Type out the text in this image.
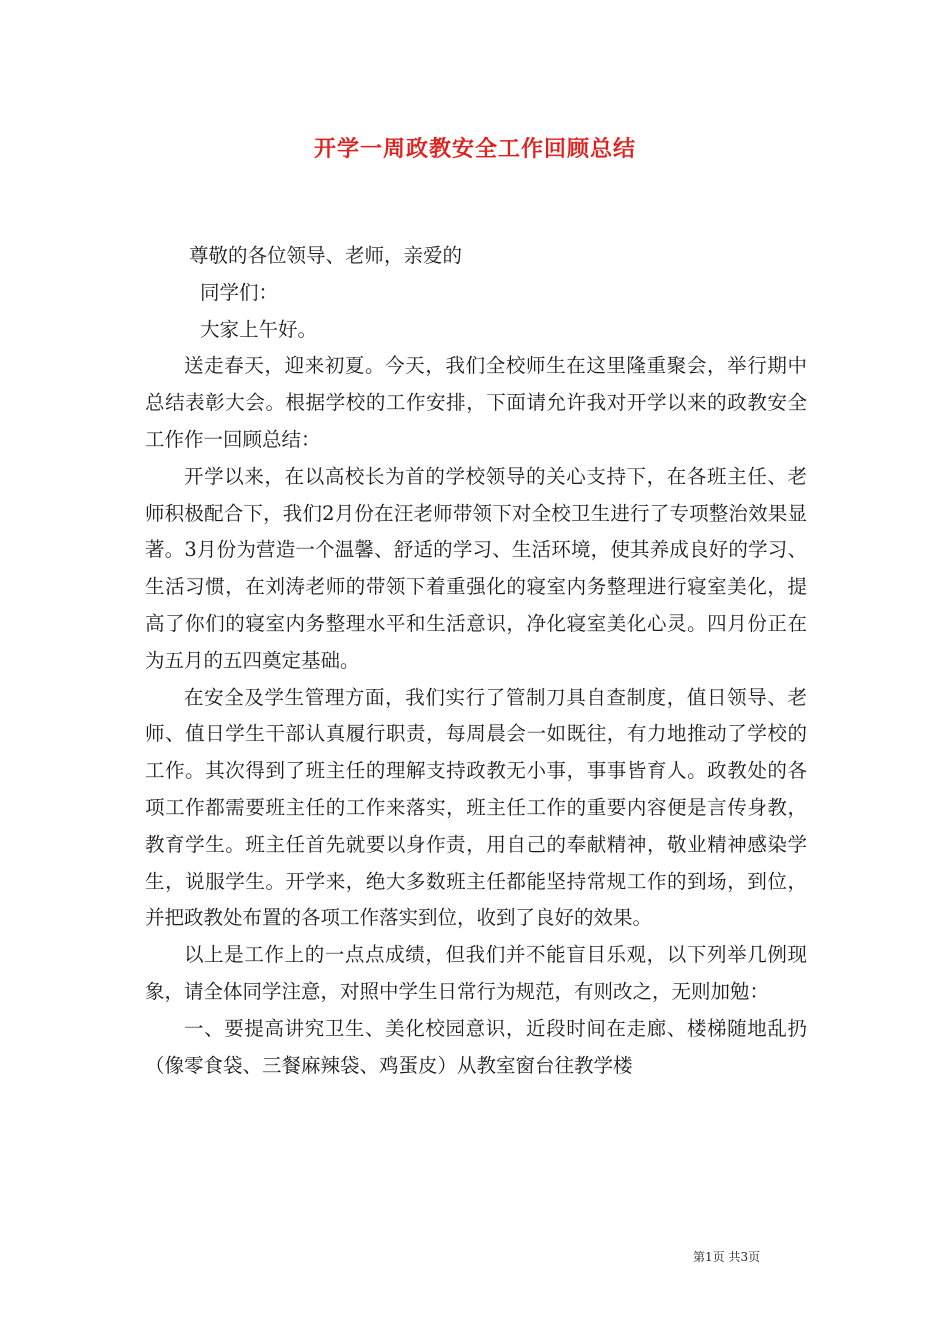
开学一周政教安全工作回顾总结

尊敬的各位领导、老师，亲爱的

同学们：

大家上午好。

送走春天，迎来初夏。今天，我们全校师生在这里隆重聚会，举行期中总结表彰大会。根据学校的工作安排，下面请允许我对开学以来的政教安全工作作一回顾总结：

开学以来，在以高校长为首的学校领导的关心支持下，在各班主任、老师积极配合下，我们2月份在汪老师带领下对全校卫生进行了专项整治效果显著。3月份为营造一个温馨、舒适的学习、生活环境，使其养成良好的学习、生活习惯，在刘涛老师的带领下着重强化的寝室内务整理进行寝室美化，提高了你们的寝室内务整理水平和生活意识，净化寝室美化心灵。四月份正在为五月的五四奠定基础。

在安全及学生管理方面，我们实行了管制刀具自查制度，值日领导、老师、值日学生干部认真履行职责，每周晨会一如既往，有力地推动了学校的工作。其次得到了班主任的理解支持政教无小事，事事皆育人。政教处的各项工作都需要班主任的工作来落实，班主任工作的重要内容便是言传身教，教育学生。班主任首先就要以身作责，用自己的奉献精神，敬业精神感染学生，说服学生。开学来，绝大多数班主任都能坚持常规工作的到场，到位，并把政教处布置的各项工作落实到位，收到了良好的效果。

以上是工作上的一点点成绩，但我们并不能盲目乐观，以下列举几例现象，请全体同学注意，对照中学生日常行为规范，有则改之，无则加勉：

一、要提高讲究卫生、美化校园意识，近段时间在走廊、楼梯随地乱扔（像零食袋、三餐麻辣袋、鸡蛋皮）从教室窗台往教学楼

第1页 共3页
